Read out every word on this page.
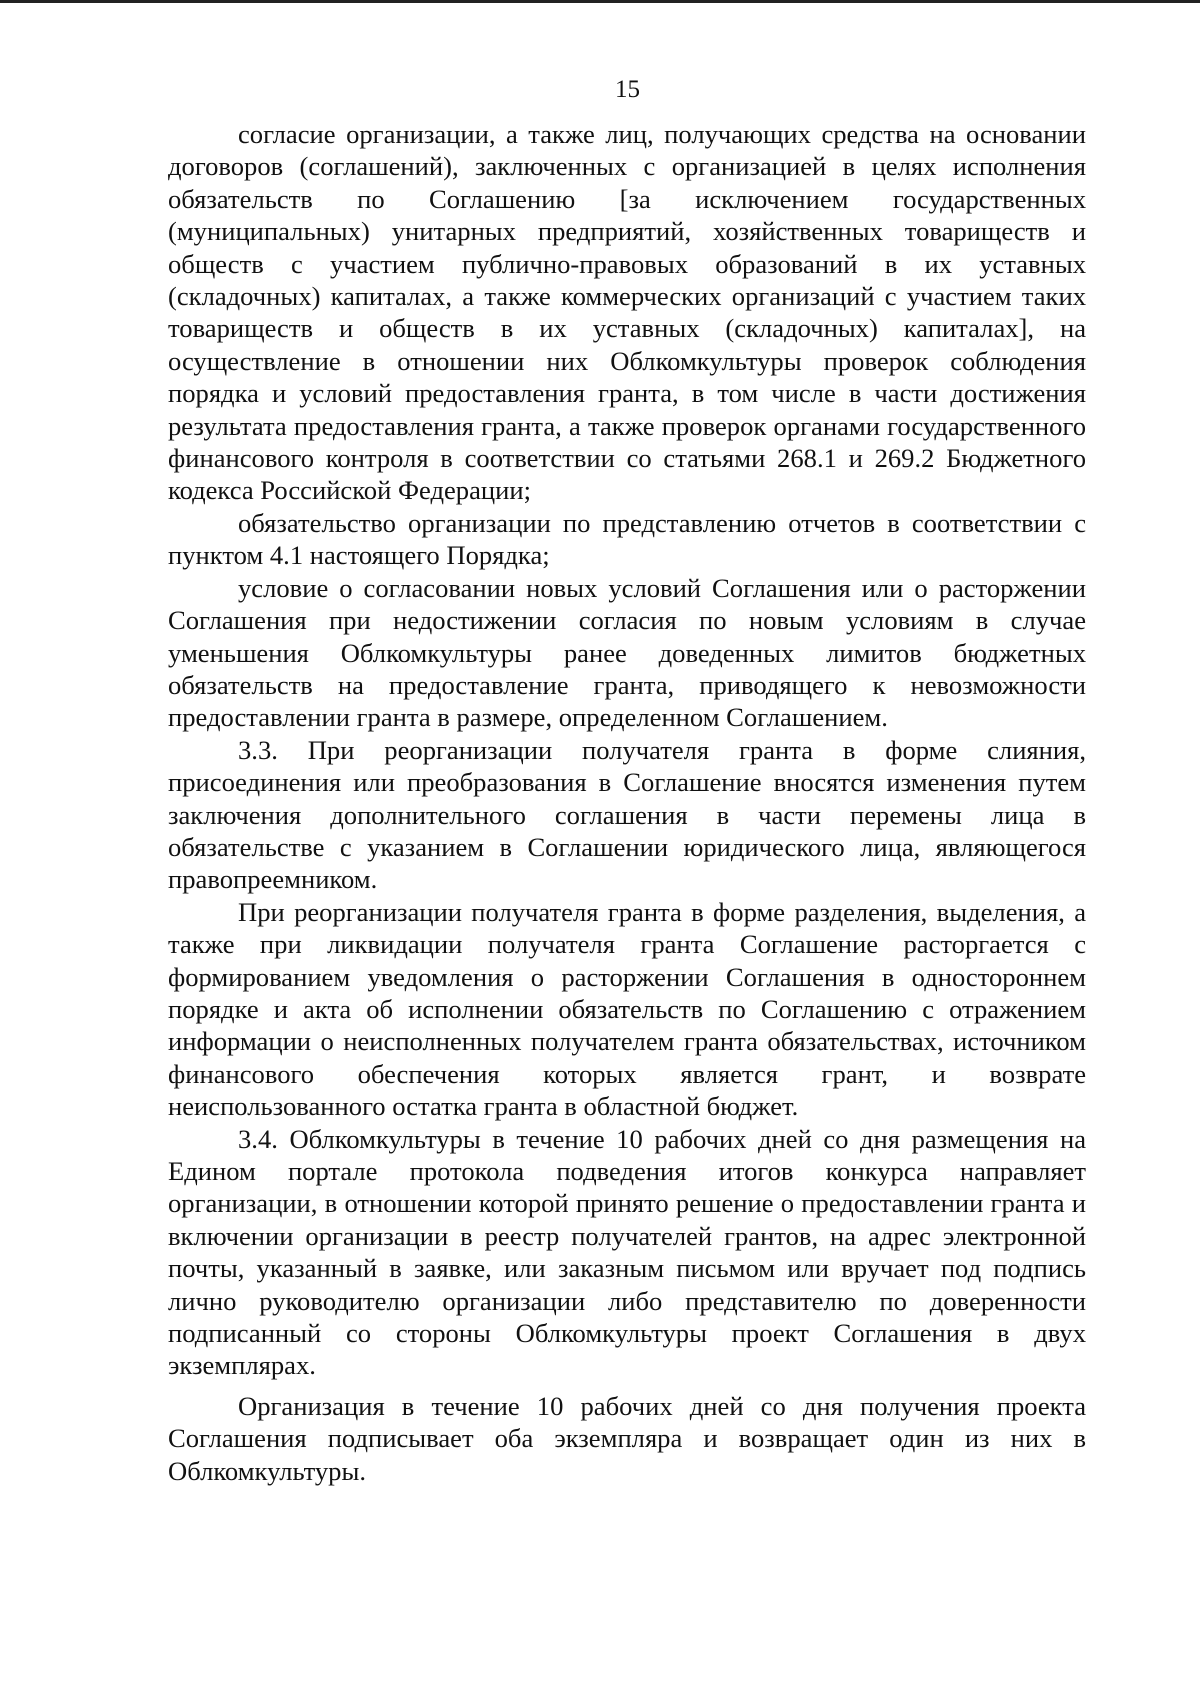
15

согласие организации, а также лиц, получающих средства на основании договоров (соглашений), заключенных с организацией в целях исполнения обязательств по Соглашению [за исключением государственных (муниципальных) унитарных предприятий, хозяйственных товариществ и обществ с участием публично-правовых образований в их уставных (складочных) капиталах, а также коммерческих организаций с участием таких товариществ и обществ в их уставных (складочных) капиталах], на осуществление в отношении них Облкомкультуры проверок соблюдения порядка и условий предоставления гранта, в том числе в части достижения результата предоставления гранта, а также проверок органами государственного финансового контроля в соответствии со статьями 268.1 и 269.2 Бюджетного кодекса Российской Федерации;

обязательство организации по представлению отчетов в соответствии с пунктом 4.1 настоящего Порядка;

условие о согласовании новых условий Соглашения или о расторжении Соглашения при недостижении согласия по новым условиям в случае уменьшения Облкомкультуры ранее доведенных лимитов бюджетных обязательств на предоставление гранта, приводящего к невозможности предоставлении гранта в размере, определенном Соглашением.

3.3. При реорганизации получателя гранта в форме слияния, присоединения или преобразования в Соглашение вносятся изменения путем заключения дополнительного соглашения в части перемены лица в обязательстве с указанием в Соглашении юридического лица, являющегося правопреемником.

При реорганизации получателя гранта в форме разделения, выделения, а также при ликвидации получателя гранта Соглашение расторгается с формированием уведомления о расторжении Соглашения в одностороннем порядке и акта об исполнении обязательств по Соглашению с отражением информации о неисполненных получателем гранта обязательствах, источником финансового обеспечения которых является грант, и возврате неиспользованного остатка гранта в областной бюджет.

3.4. Облкомкультуры в течение 10 рабочих дней со дня размещения на Едином портале протокола подведения итогов конкурса направляет организации, в отношении которой принято решение о предоставлении гранта и включении организации в реестр получателей грантов, на адрес электронной почты, указанный в заявке, или заказным письмом или вручает под подпись лично руководителю организации либо представителю по доверенности подписанный со стороны Облкомкультуры проект Соглашения в двух экземплярах.

Организация в течение 10 рабочих дней со дня получения проекта Соглашения подписывает оба экземпляра и возвращает один из них в Облкомкультуры.
